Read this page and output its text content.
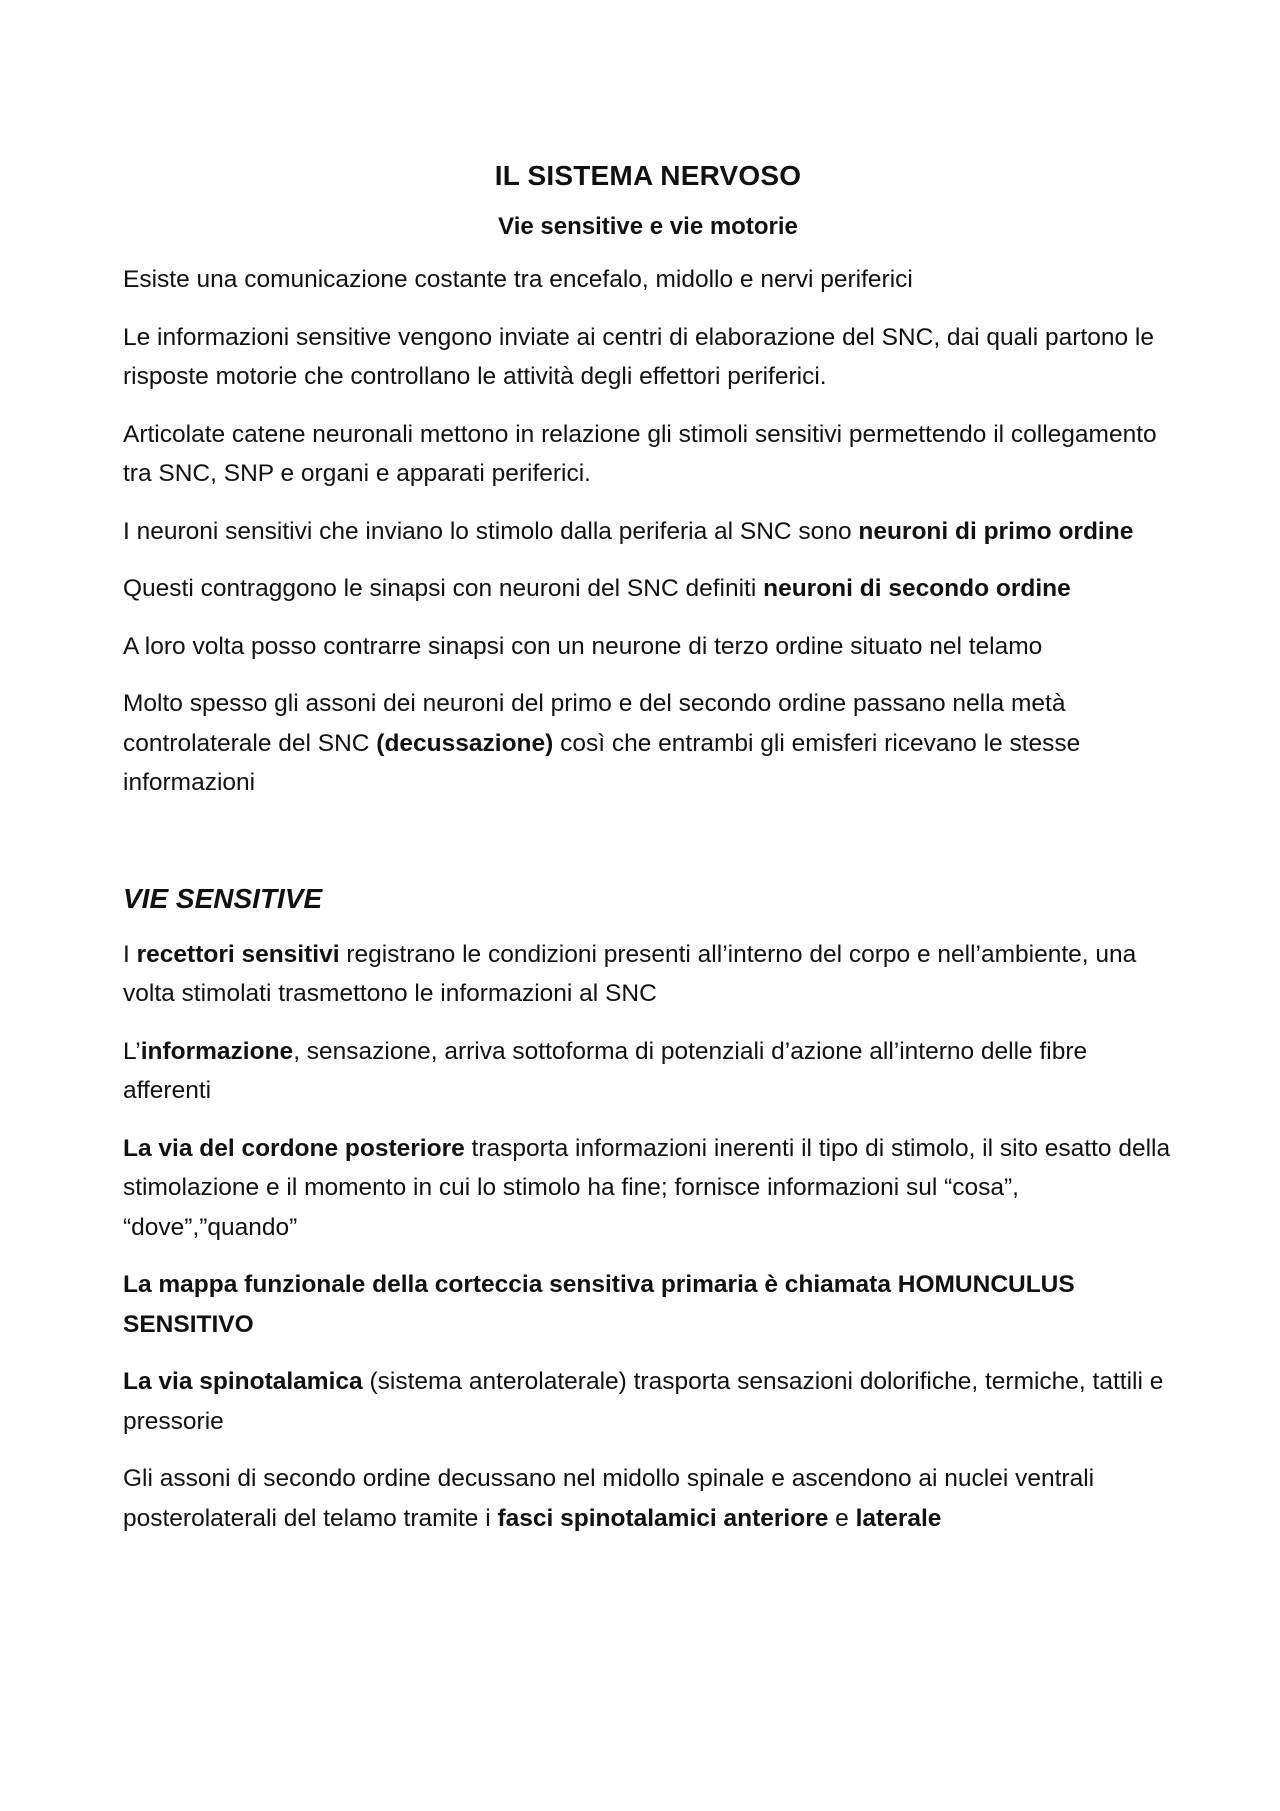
IL SISTEMA NERVOSO
Vie sensitive e vie motorie

Esiste una comunicazione costante tra encefalo, midollo e nervi periferici

Le informazioni sensitive vengono inviate ai centri di elaborazione del SNC, dai quali partono le risposte motorie che controllano le attività degli effettori periferici.

Articolate catene neuronali mettono in relazione gli stimoli sensitivi permettendo il collegamento tra SNC, SNP e organi e apparati periferici.

I neuroni sensitivi che inviano lo stimolo dalla periferia al SNC sono neuroni di primo ordine

Questi contraggono le sinapsi con neuroni del SNC definiti neuroni di secondo ordine

A loro volta posso contrarre sinapsi con un neurone di terzo ordine situato nel telamo

Molto spesso gli assoni dei neuroni del primo e del secondo ordine passano nella metà controlaterale del SNC (decussazione) così che entrambi gli emisferi ricevano le stesse informazioni

VIE SENSITIVE

I recettori sensitivi registrano le condizioni presenti all’interno del corpo e nell’ambiente, una volta stimolati trasmettono le informazioni al SNC

L’informazione, sensazione, arriva sottoforma di potenziali d’azione all’interno delle fibre afferenti

La via del cordone posteriore trasporta informazioni inerenti il tipo di stimolo, il sito esatto della stimolazione e il momento in cui lo stimolo ha fine; fornisce informazioni sul “cosa”, “dove”,”quando”

La mappa funzionale della corteccia sensitiva primaria è chiamata HOMUNCULUS SENSITIVO

La via spinotalamica (sistema anterolaterale) trasporta sensazioni dolorifiche, termiche, tattili e pressorie

Gli assoni di secondo ordine decussano nel midollo spinale e ascendono ai nuclei ventrali posterolaterali del telamo tramite i fasci spinotalamici anteriore e laterale
